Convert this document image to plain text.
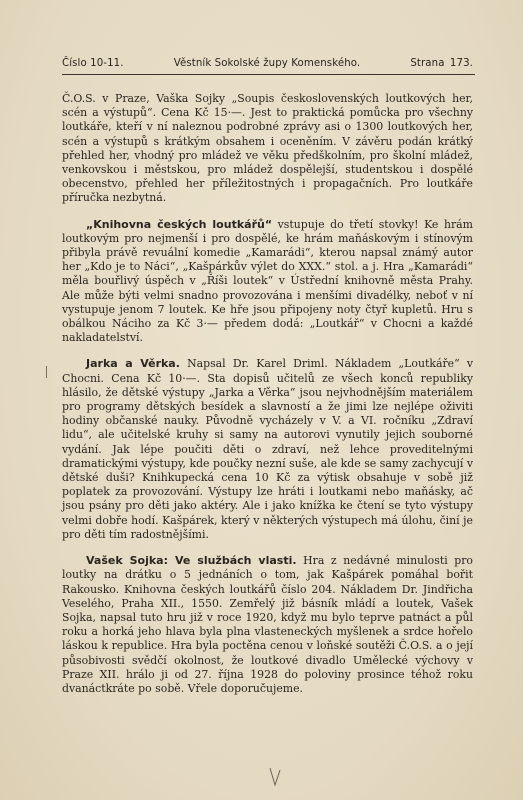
Číslo 10-11.	Věstník Sokolské župy Komenského.	Strana 173.

Č.O.S. v Praze, Vaška Sojky „Soupis československých loutkových her, scén a výstupů“. Cena Kč 15·—. Jest to praktická pomůcka pro všechny loutkáře, kteří v ní naleznou podrobné zprávy asi o 1300 loutkových her, scén a výstupů s krátkým obsahem i oceněním. V závěru podán krátký přehled her, vhodný pro mládež ve věku předškolním, pro školní mládež, venkovskou i městskou, pro mládež dospělejší, studentskou i dospělé obecenstvo, přehled her příležitostných i propagačních. Pro loutkáře příručka nezbytná.

„Knihovna českých loutkářů“ vstupuje do třetí stovky! Ke hrám loutkovým pro nejmenší i pro dospělé, ke hrám maňáskovým i stínovým přibyla právě revuální komedie „Kamarádi“, kterou napsal známý autor her „Kdo je to Náci“, „Kašpárkův výlet do XXX.“ stol. a j. Hra „Kamarádi“ měla bouřlivý úspěch v „Říši loutek“ v Ústřední knihovně města Prahy. Ale může býti velmi snadno provozována i menšími divadélky, neboť v ní vystupuje jenom 7 loutek. Ke hře jsou připojeny noty čtyř kupletů. Hru s obálkou Náciho za Kč 3·— předem dodá: „Loutkář“ v Chocni a každé nakladatelství.

Jarka a Věrka. Napsal Dr. Karel Driml. Nákladem „Loutkáře“ v Chocni. Cena Kč 10·—. Sta dopisů učitelů ze všech konců republiky hlásilo, že dětské výstupy „Jarka a Věrka“ jsou nejvhodnějším materiálem pro programy dětských besídek a slavností a že jimi lze nejlépe oživiti hodiny občanské nauky. Původně vycházely v V. a VI. ročníku „Zdraví lidu“, ale učitelské kruhy si samy na autorovi vynutily jejich souborné vydání. Jak lépe poučiti děti o zdraví, než lehce proveditelnými dramatickými výstupy, kde poučky nezní suše, ale kde se samy zachycují v dětské duši? Knihkupecká cena 10 Kč za výtisk obsahuje v sobě již poplatek za provozování. Výstupy lze hráti i loutkami nebo maňásky, ač jsou psány pro děti jako aktéry. Ale i jako knížka ke čtení se tyto výstupy velmi dobře hodí. Kašpárek, který v některých výstupech má úlohu, činí je pro děti tím radostnějšími.

Vašek Sojka: Ve službách vlasti. Hra z nedávné minulosti pro loutky na drátku o 5 jednáních o tom, jak Kašpárek pomáhal bořit Rakousko. Knihovna českých loutkářů číslo 204. Nákladem Dr. Jindřicha Veselého, Praha XII., 1550. Zemřelý již básník mládí a loutek, Vašek Sojka, napsal tuto hru již v roce 1920, když mu bylo teprve patnáct a půl roku a horká jeho hlava byla plna vlasteneckých myšlenek a srdce hořelo láskou k republice. Hra byla poctěna cenou v loňské soutěži Č.O.S. a o její působivosti svědčí okolnost, že loutkové divadlo Umělecké výchovy v Praze XII. hrálo ji od 27. října 1928 do poloviny prosince téhož roku dvanáctkráte po sobě. Vřele doporučujeme.
